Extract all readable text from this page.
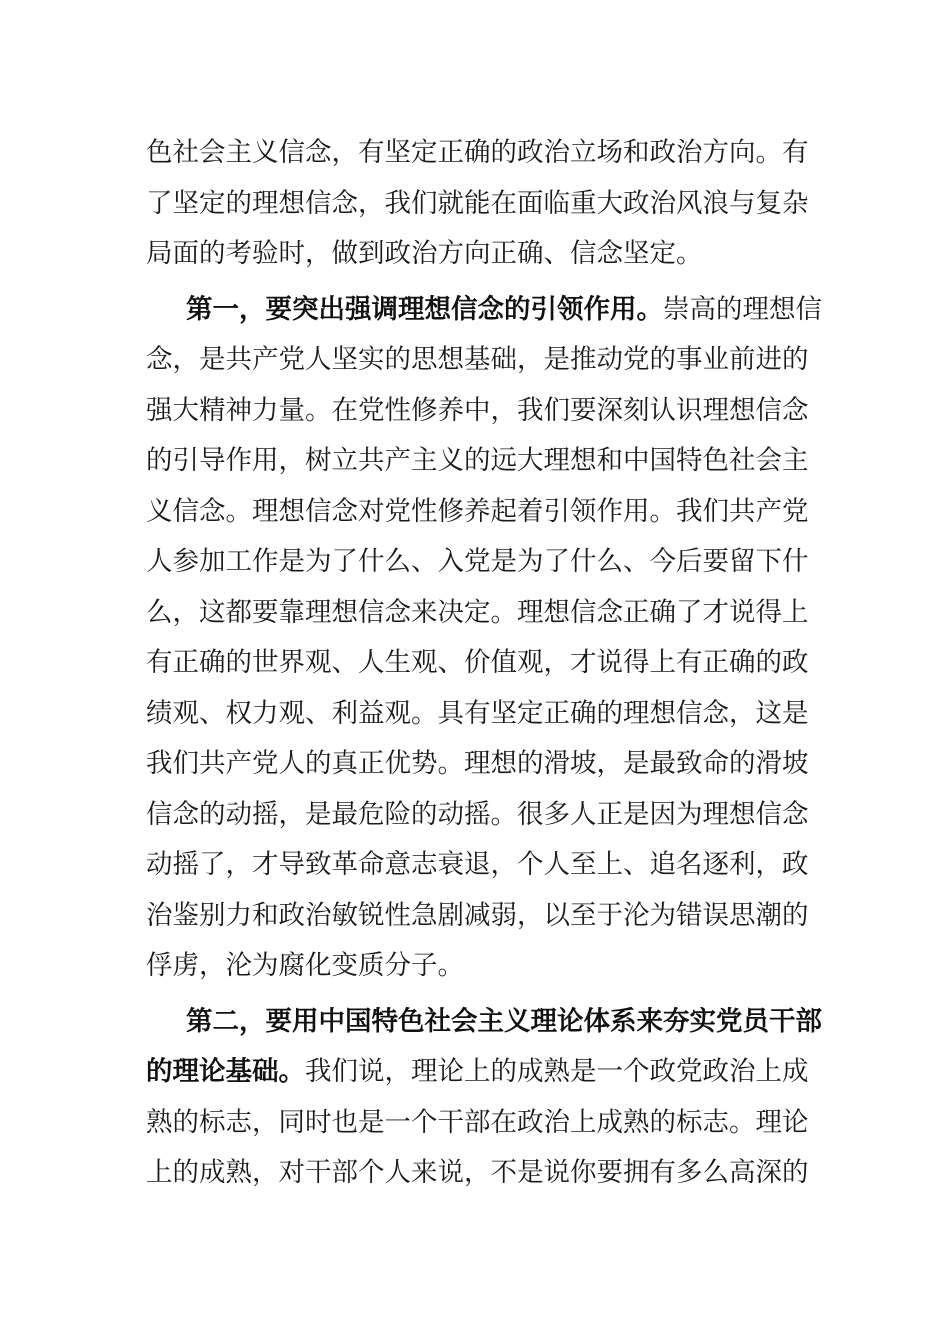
色社会主义信念，有坚定正确的政治立场和政治方向。有
了坚定的理想信念，我们就能在面临重大政治风浪与复杂
局面的考验时，做到政治方向正确、信念坚定。
第一，要突出强调理想信念的引领作用。崇高的理想信
念，是共产党人坚实的思想基础，是推动党的事业前进的
强大精神力量。在党性修养中，我们要深刻认识理想信念
的引导作用，树立共产主义的远大理想和中国特色社会主
义信念。理想信念对党性修养起着引领作用。我们共产党
人参加工作是为了什么、入党是为了什么、今后要留下什
么，这都要靠理想信念来决定。理想信念正确了才说得上
有正确的世界观、人生观、价值观，才说得上有正确的政
绩观、权力观、利益观。具有坚定正确的理想信念，这是
我们共产党人的真正优势。理想的滑坡，是最致命的滑坡
信念的动摇，是最危险的动摇。很多人正是因为理想信念
动摇了，才导致革命意志衰退，个人至上、追名逐利，政
治鉴别力和政治敏锐性急剧减弱，以至于沦为错误思潮的
俘虏，沦为腐化变质分子。
第二，要用中国特色社会主义理论体系来夯实党员干部
的理论基础。我们说，理论上的成熟是一个政党政治上成
熟的标志，同时也是一个干部在政治上成熟的标志。理论
上的成熟，对干部个人来说，不是说你要拥有多么高深的
